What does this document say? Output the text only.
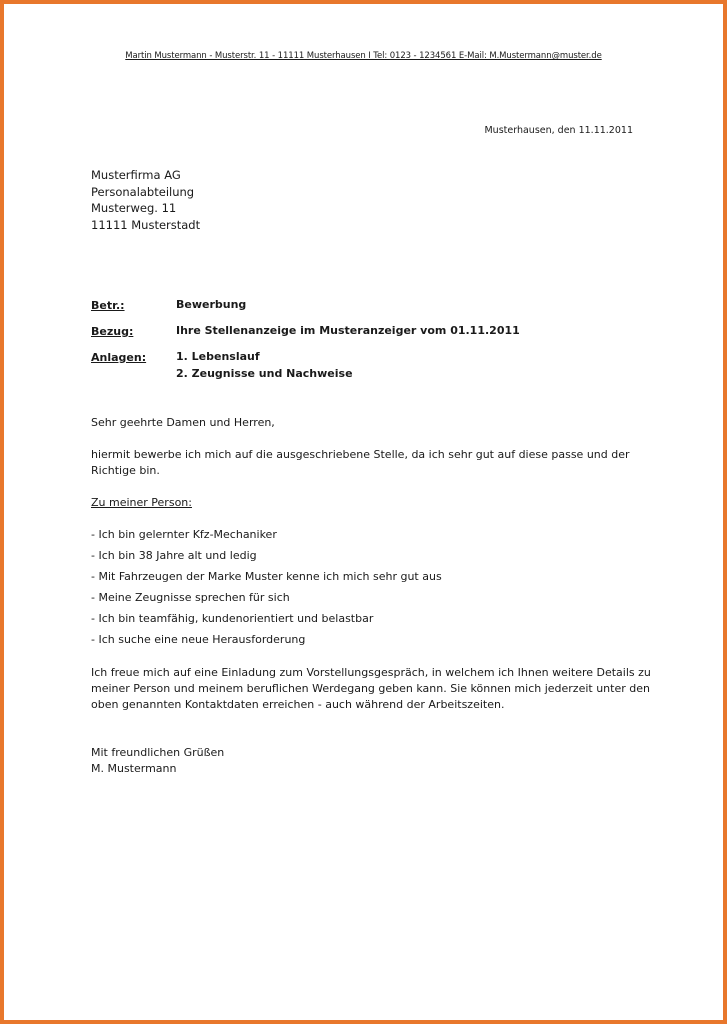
Martin Mustermann - Musterstr. 11 - 11111 Musterhausen I Tel: 0123 - 1234561 E-Mail: M.Mustermann@muster.de
Musterhausen, den 11.11.2011
Musterfirma AG
Personalabteilung
Musterweg. 11
11111 Musterstadt
Betr.:	Bewerbung
Bezug:	Ihre Stellenanzeige im Musteranzeiger vom 01.11.2011
Anlagen:	1. Lebenslauf
2. Zeugnisse und Nachweise
Sehr geehrte Damen und Herren,
hiermit bewerbe ich mich auf die ausgeschriebene Stelle, da ich sehr gut auf diese passe und der
Richtige bin.
Zu meiner Person:
- Ich bin gelernter Kfz-Mechaniker
- Ich bin 38 Jahre alt und ledig
- Mit Fahrzeugen der Marke Muster kenne ich mich sehr gut aus
- Meine Zeugnisse sprechen für sich
- Ich bin teamfähig, kundenorientiert und belastbar
- Ich suche eine neue Herausforderung
Ich freue mich auf eine Einladung zum Vorstellungsgespräch, in welchem ich Ihnen weitere Details zu
meiner Person und meinem beruflichen Werdegang geben kann. Sie können mich jederzeit unter den
oben genannten Kontaktdaten erreichen - auch während der Arbeitszeiten.
Mit freundlichen Grüßen
M. Mustermann
